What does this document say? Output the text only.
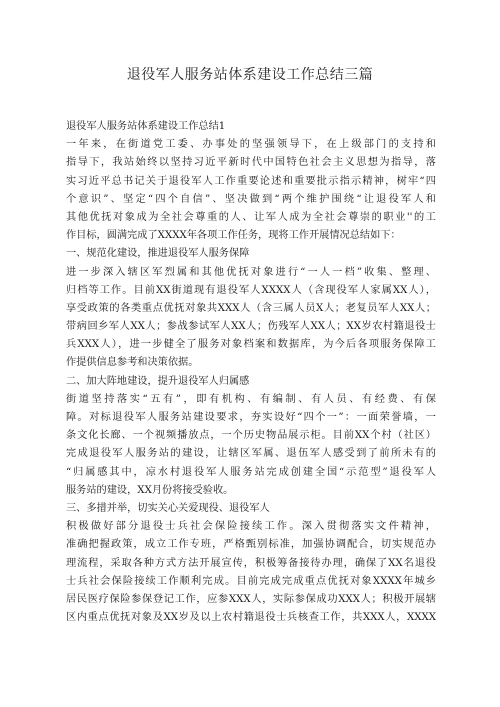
退役军人服务站体系建设工作总结三篇
退役军人服务站体系建设工作总结1
一年来，在街道党工委、办事处的坚强领导下，在上级部门的支持和
指导下，我站始终以坚持习近平新时代中国特色社会主义思想为指导，落
实习近平总书记关于退役军人工作重要论述和重要批示指示精神，树牢“四
个意识”、坚定“四个自信”、坚决做到“两个维护围绕“让退役军人和
其他优抚对象成为全社会尊重的人、让军人成为全社会尊崇的职业''的工
作目标，圆满完成了XXXX年各项工作任务，现将工作开展情况总结如下：
一、规范化建设，推进退役军人服务保障
进一步深入辖区军烈属和其他优抚对象进行“一人一档”收集、整理、
归档等工作。目前XX街道现有退役军人XXXX人（含现役军人家属XX人），
享受政策的各类重点优抚对象共XXX人（含三属人员X人；老复员军人XX人；
带病回乡军人XX人；参战参试军人XX人；伤残军人XX人；XX岁农村籍退役士
兵XXX人），进一步健全了服务对象档案和数据库，为今后各项服务保障工
作提供信息参考和决策依据。
二、加大阵地建设，提升退役军人归属感
街道坚持落实“五有”，即有机构、有编制、有人员、有经费、有保
障。对标退役军人服务站建设要求，夯实设好“四个一”：一面荣誉墙，一
条文化长廊、一个视频播放点，一个历史物品展示柜。目前XX个村（社区）
完成退役军人服务站的建设，让辖区军属、退伍军人感受到了前所未有的
“归属感其中，凉水村退役军人服务站完成创建全国“示范型”退役军人
服务站的建设，XX月份将接受验收。
三、多措并举，切实关心关爱现役、退役军人
积极做好部分退役士兵社会保险接续工作。深入贯彻落实文件精神，
准确把握政策，成立工作专班，严格甄别标准，加强协调配合，切实规范办
理流程，采取各种方式方法开展宣传，积极筹备接待办理，确保了XX名退役
士兵社会保险接续工作顺利完成。目前完成完成重点优抚对象XXXX年城乡
居民医疗保险参保登记工作，应参XXX人，实际参保成功XXX人；积极开展辖
区内重点优抚对象及XX岁及以上农村籍退役士兵核查工作，共XXX人，XXXX
